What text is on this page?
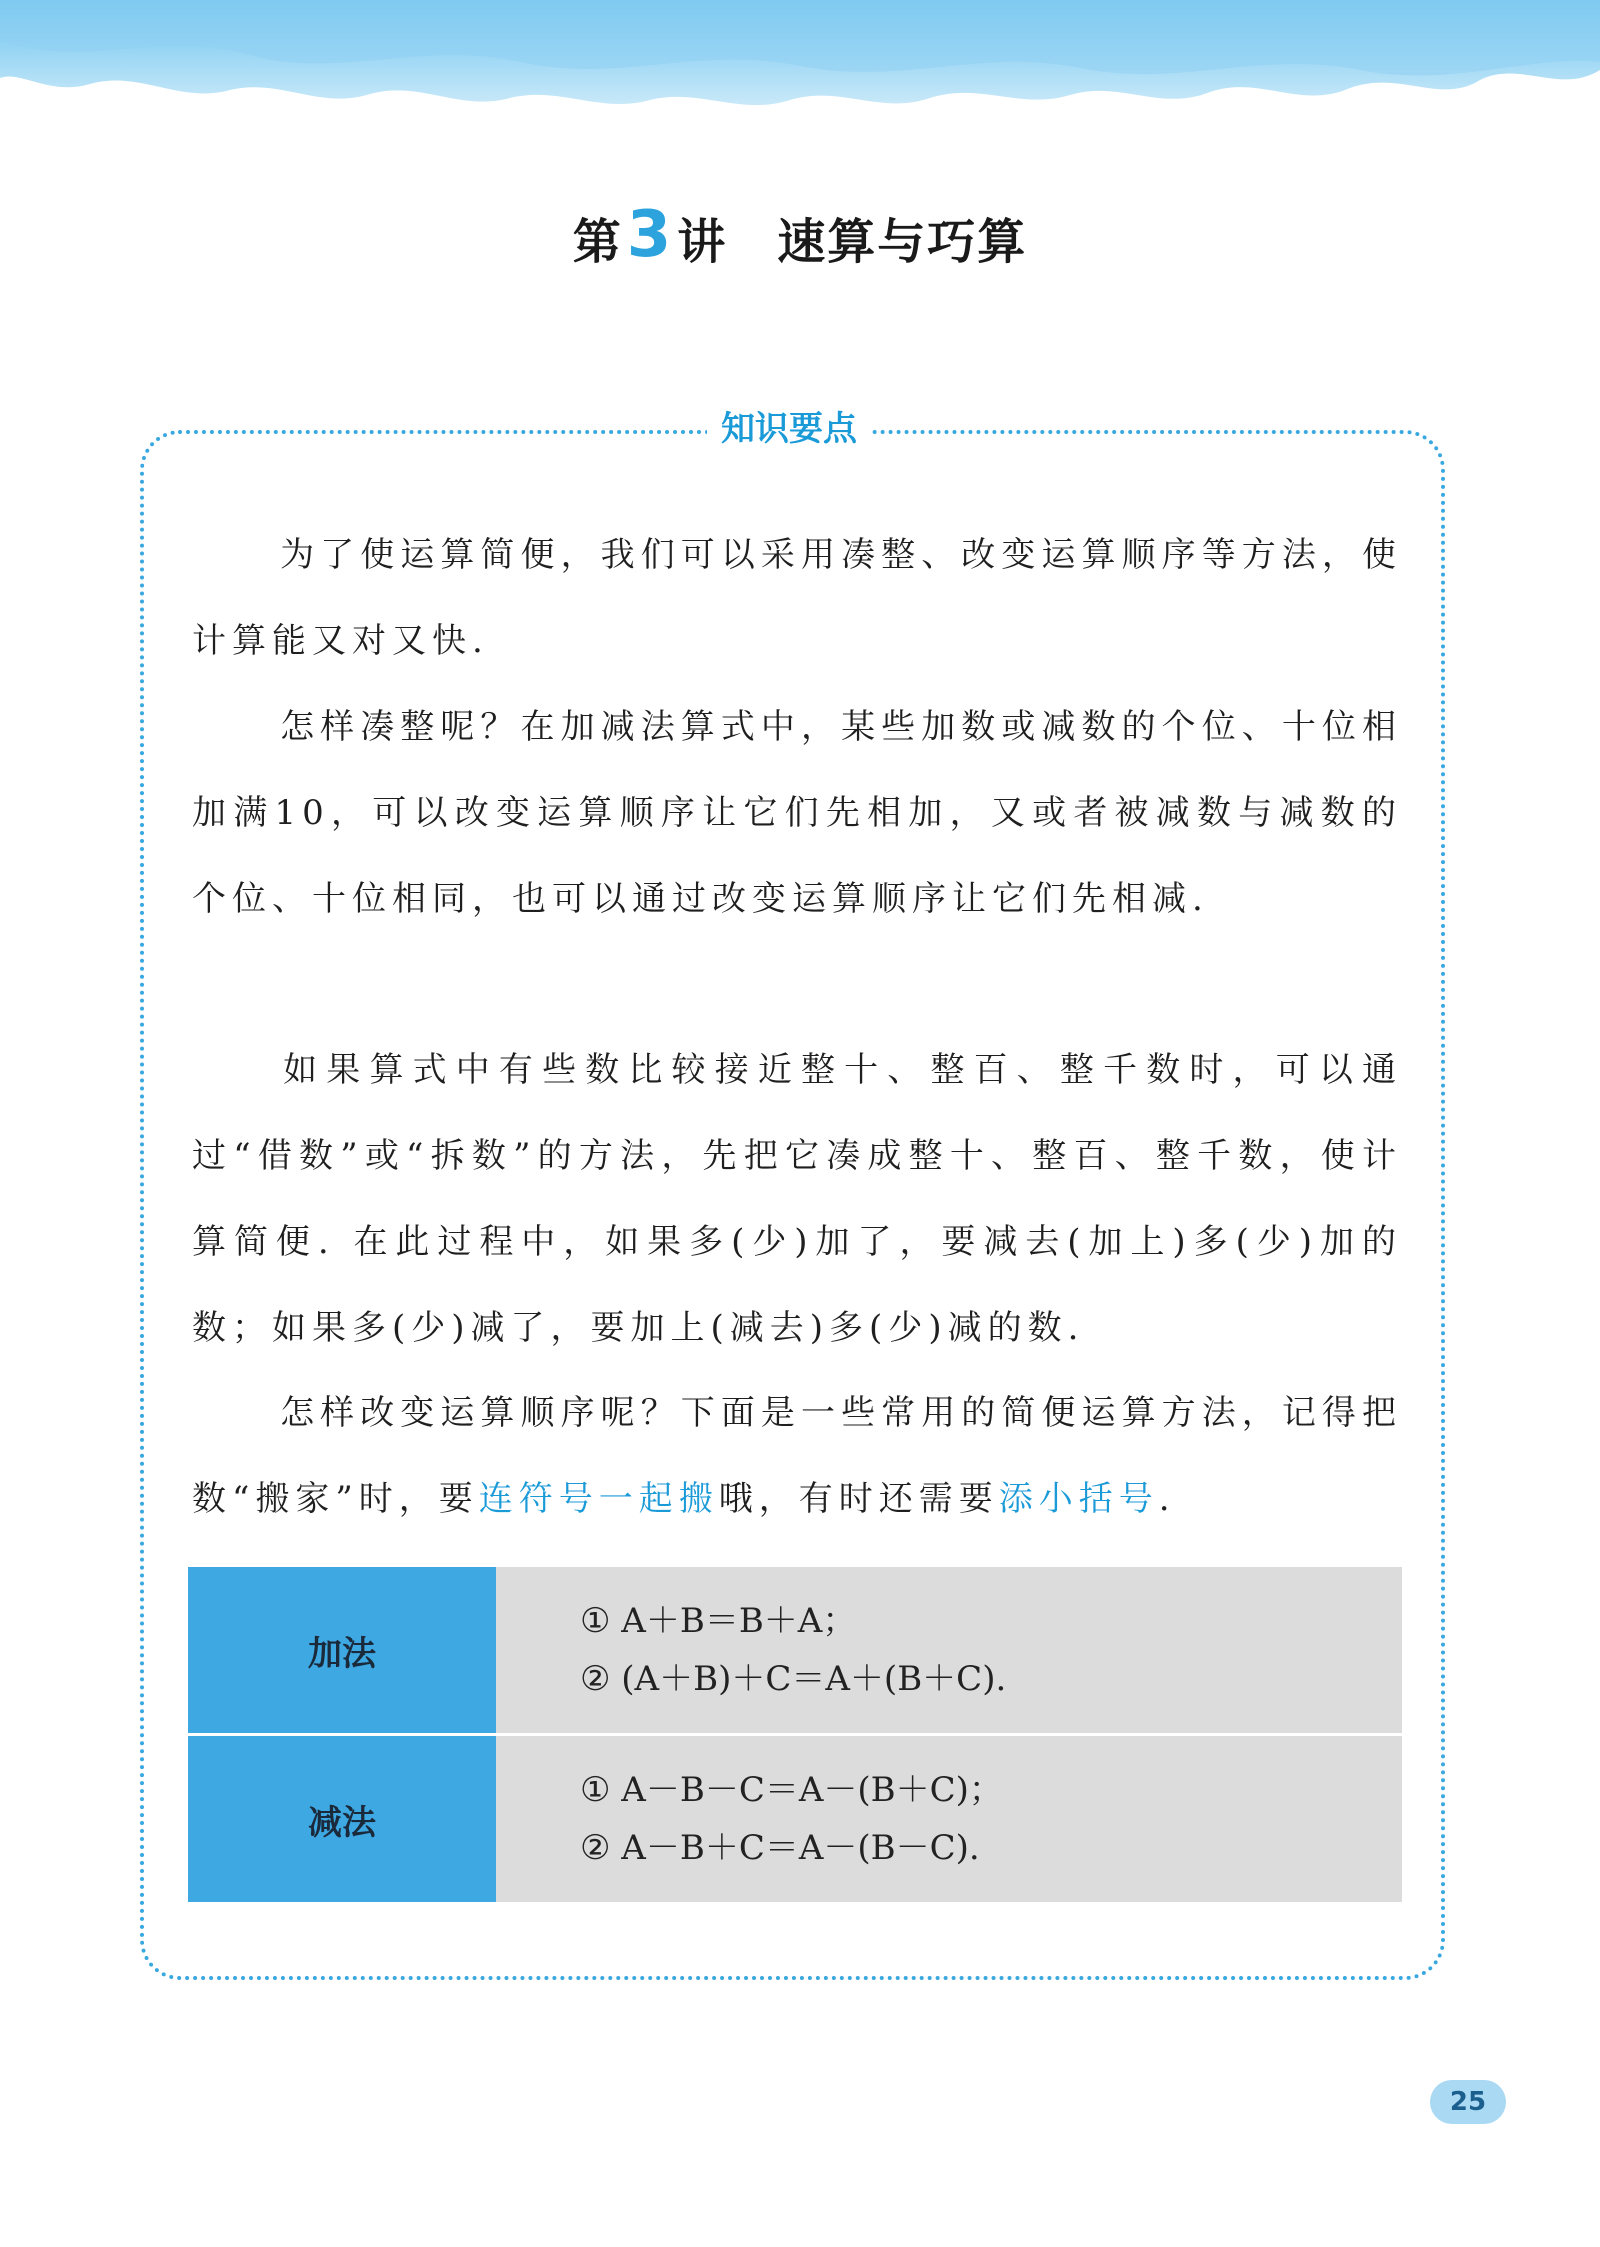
第3讲 速算与巧算
知识要点
为了使运算简便，我们可以采用凑整、改变运算顺序等方法，使计算能又对又快.
怎样凑整呢？在加减法算式中，某些加数或减数的个位、十位相加满10，可以改变运算顺序让它们先相加，又或者被减数与减数的个位、十位相同，也可以通过改变运算顺序让它们先相减.
如果算式中有些数比较接近整十、整百、整千数时，可以通过“借数”或“拆数”的方法，先把它凑成整十、整百、整千数，使计算简便. 在此过程中，如果多(少)加了，要减去(加上)多(少)加的数；如果多(少)减了，要加上(减去)多(少)减的数.
怎样改变运算顺序呢？下面是一些常用的简便运算方法，记得把数“搬家”时，要连符号一起搬哦，有时还需要添小括号.
加法	① A＋B＝B＋A；
② (A＋B)＋C＝A＋(B＋C).

减法	① A－B－C＝A－(B＋C)；
② A－B＋C＝A－(B－C).
25
